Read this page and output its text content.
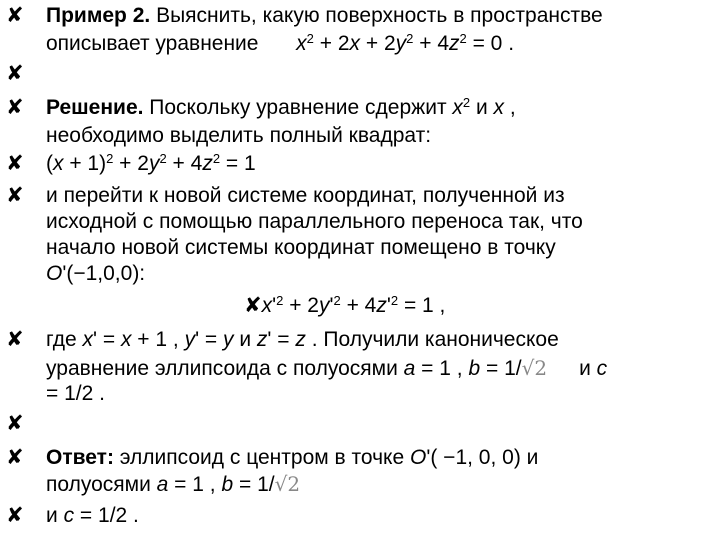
✘ Пример 2. Выяснить, какую поверхность в пространстве
описывает уравнение $x^2 + 2x + 2y^2 + 4z^2 = 0$ .
✘
✘ Решение. Поскольку уравнение сдержит $x^2$ и x ,
необходимо выделить полный квадрат:
✘ $(x + 1)^2 + 2y^2 + 4z^2 = 1$
✘ и перейти к новой системе координат, полученной из
исходной с помощью параллельного переноса так, что
начало новой системы координат помещено в точку
O'(−1,0,0):
$✘x'^2 + 2y'^2 + 4z'^2 = 1$ ,
✘ где x' = x + 1 , y' = y и z' = z . Получили каноническое
уравнение эллипсоида с полуосями a = 1 , b = 1/√2 и c
= 1/2 .
✘
✘ Ответ: эллипсоид с центром в точке O'( −1, 0, 0) и
полуосями a = 1 , b = 1/√2
✘ и c = 1/2 .
